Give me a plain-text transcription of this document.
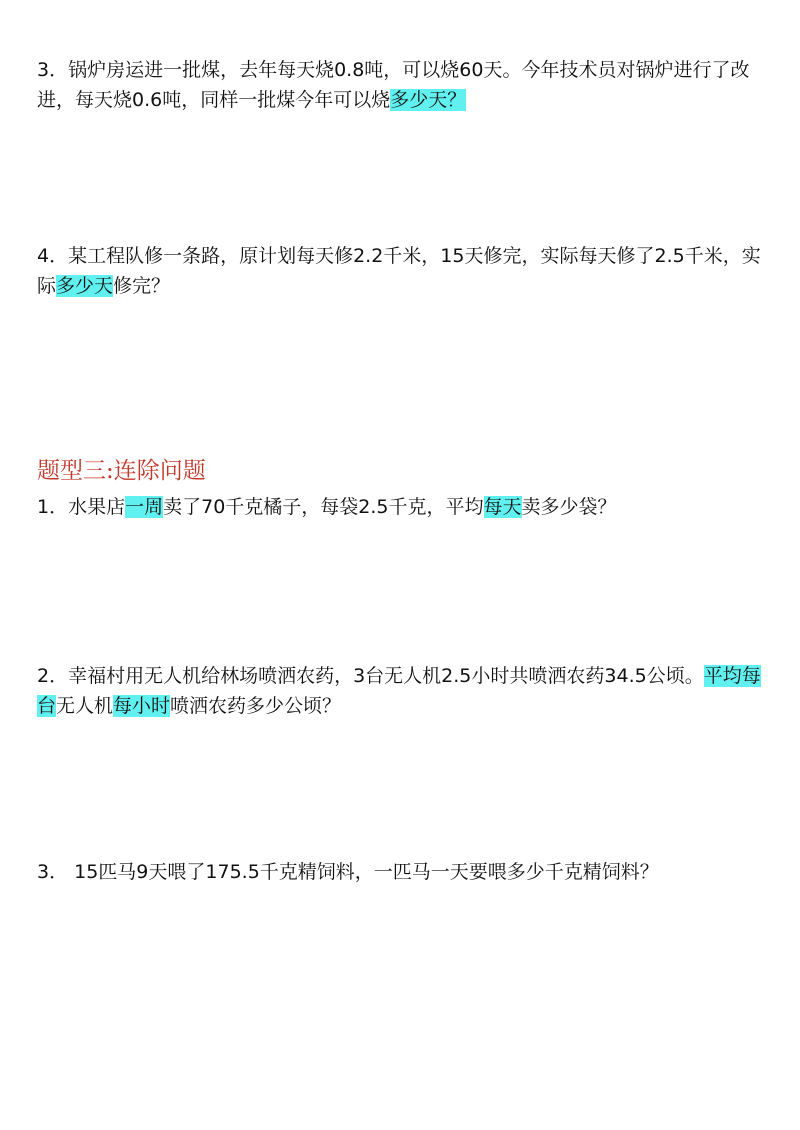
3．锅炉房运进一批煤，去年每天烧0.8吨，可以烧60天。今年技术员对锅炉进行了改进，每天烧0.6吨，同样一批煤今年可以烧多少天？

4．某工程队修一条路，原计划每天修2.2千米，15天修完，实际每天修了2.5千米，实际多少天修完？

题型三:连除问题

1．水果店一周卖了70千克橘子，每袋2.5千克，平均每天卖多少袋？

2．幸福村用无人机给林场喷洒农药，3台无人机2.5小时共喷洒农药34.5公顷。平均每台无人机每小时喷洒农药多少公顷？

3． 15匹马9天喂了175.5千克精饲料，一匹马一天要喂多少千克精饲料？
